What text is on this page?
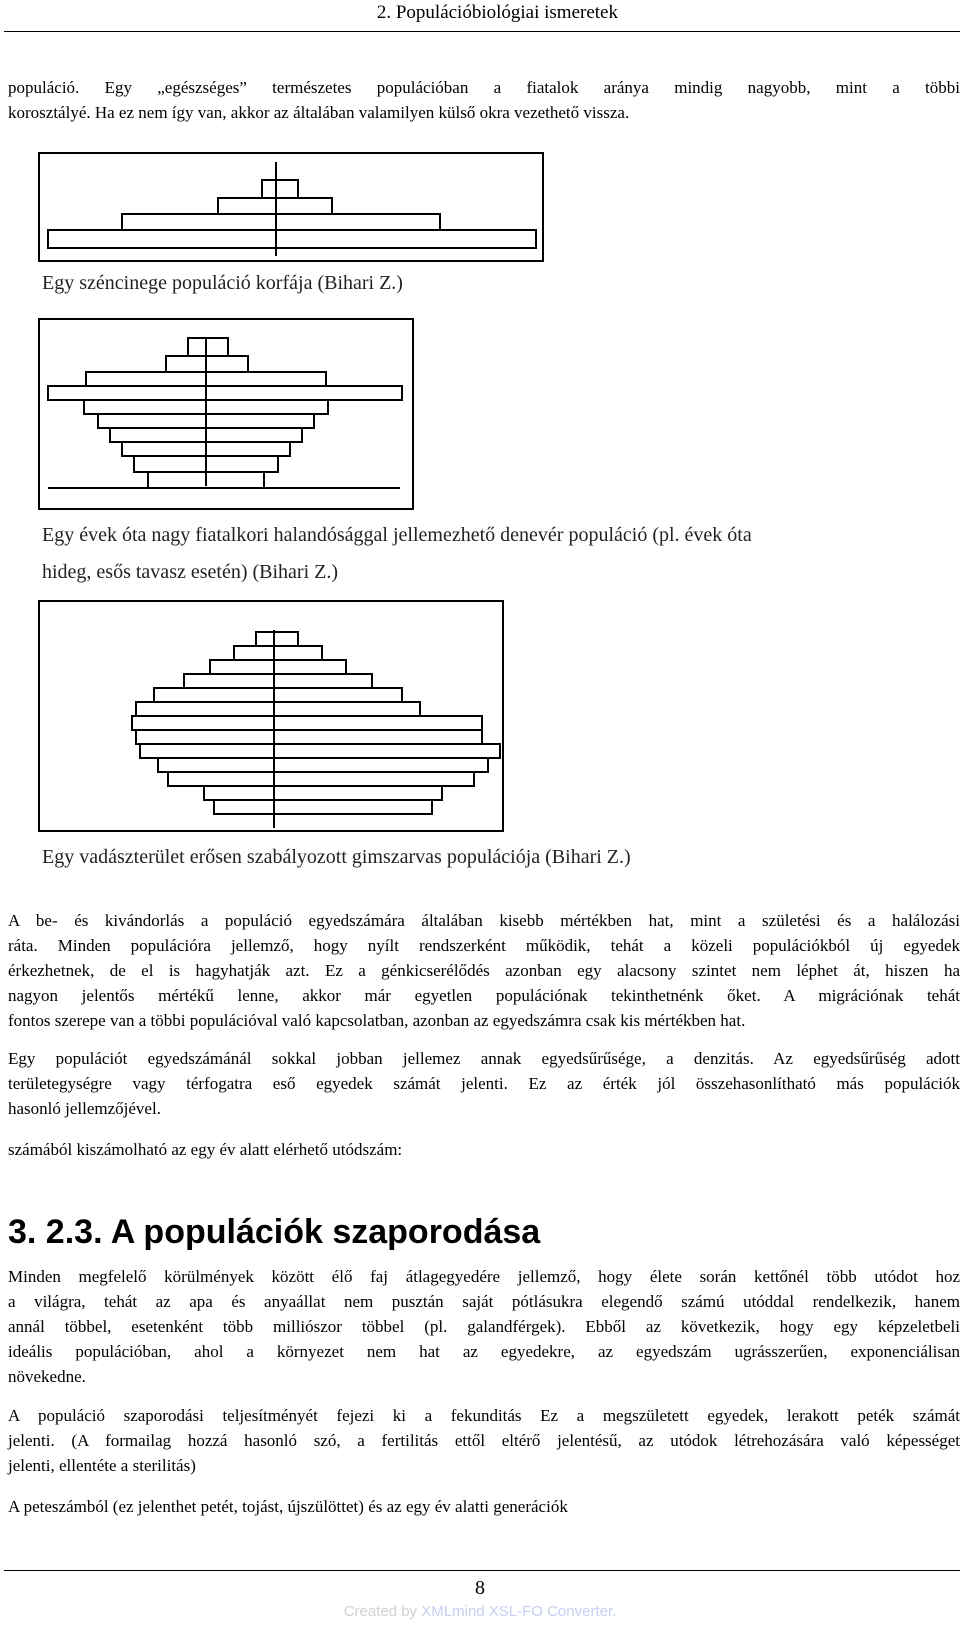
2. Populációbiológiai ismeretek

populáció. Egy „egészséges” természetes populációban a fiatalok aránya mindig nagyobb, mint a többi

korosztályé. Ha ez nem így van, akkor az általában valamilyen külső okra vezethető vissza.

Egy széncinege populáció korfája (Bihari Z.)
Egy évek óta nagy fiatalkori halandósággal jellemezhető denevér populáció (pl. évek óta
hideg, esős tavasz esetén) (Bihari Z.)
Egy vadászterület erősen szabályozott gimszarvas populációja (Bihari Z.)

A be- és kivándorlás a populáció egyedszámára általában kisebb mértékben hat, mint a születési és a halálozási

ráta. Minden populációra jellemző, hogy nyílt rendszerként működik, tehát a közeli populációkból új egyedek

érkezhetnek, de el is hagyhatják azt. Ez a génkicserélődés azonban egy alacsony szintet nem léphet át, hiszen ha

nagyon jelentős mértékű lenne, akkor már egyetlen populációnak tekinthetnénk őket. A migrációnak tehát

fontos szerepe van a többi populációval való kapcsolatban, azonban az egyedszámra csak kis mértékben hat.

Egy populációt egyedszámánál sokkal jobban jellemez annak egyedsűrűsége, a denzitás. Az egyedsűrűség adott

területegységre vagy térfogatra eső egyedek számát jelenti. Ez az érték jól összehasonlítható más populációk

hasonló jellemzőjével.

számából kiszámolható az egy év alatt elérhető utódszám:

3. 2.3. A populációk szaporodása

Minden megfelelő körülmények között élő faj átlagegyedére jellemző, hogy élete során kettőnél több utódot hoz

a világra, tehát az apa és anyaállat nem pusztán saját pótlásukra elegendő számú utóddal rendelkezik, hanem

annál többel, esetenként több milliószor többel (pl. galandférgek). Ebből az következik, hogy egy képzeletbeli

ideális populációban, ahol a környezet nem hat az egyedekre, az egyedszám ugrásszerűen, exponenciálisan

növekedne.

A populáció szaporodási teljesítményét fejezi ki a fekunditás Ez a megszületett egyedek, lerakott peték számát

jelenti. (A formailag hozzá hasonló szó, a fertilitás ettől eltérő jelentésű, az utódok létrehozására való képességet

jelenti, ellentéte a sterilitás)

A peteszámból (ez jelenthet petét, tojást, újszülöttet) és az egy év alatti generációk

8
Created by XMLmind XSL-FO Converter.
